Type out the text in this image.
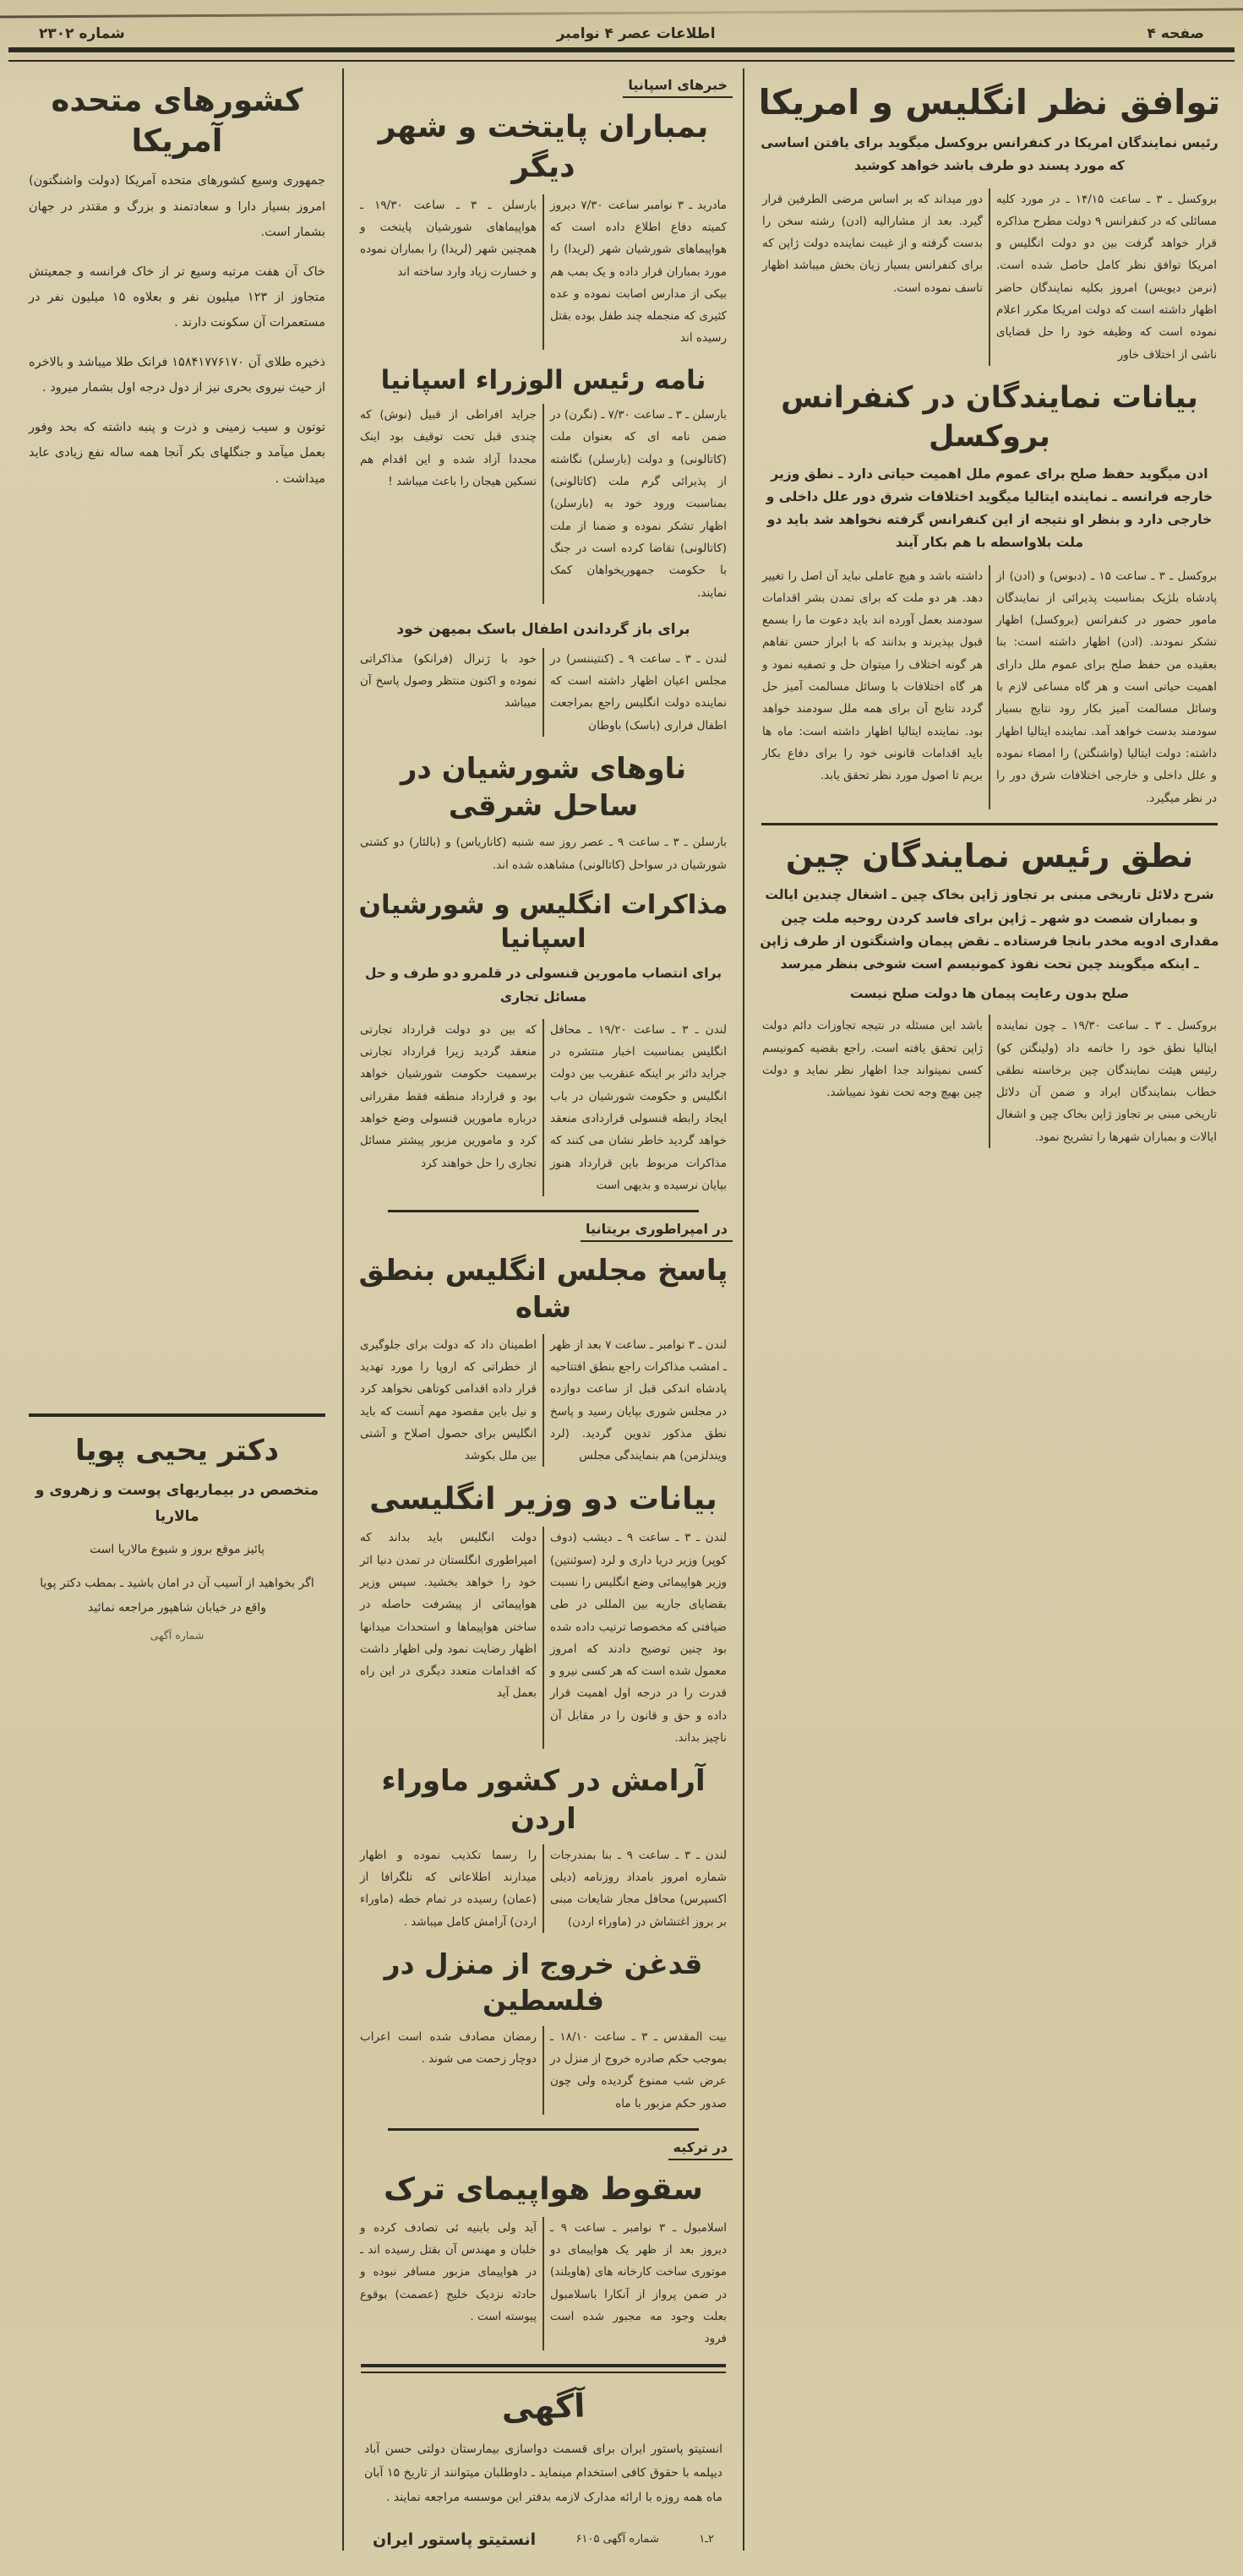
صفحه ۴
اطلاعات عصر ۴ نوامبر
شماره ۲۳۰۲
توافق نظر انگلیس و امریکا

رئیس نمایندگان امریکا در کنفرانس بروکسل میگوید برای یافتن اساسی که مورد پسند دو طرف باشد خواهد کوشید

بروکسل ـ ۳ ـ ساعت ۱۴/۱۵ ـ در مورد کلیه مسائلی که در کنفرانس ۹ دولت مطرح مذاکره قرار خواهد گرفت بین دو دولت انگلیس و امریکا توافق نظر کامل حاصل شده است. (نرمن دیویس) امروز بکلیه نمایندگان حاضر اظهار داشته است که دولت امریکا مکرر اعلام نموده است که وظیفه خود را حل قضایای ناشی از اختلاف خاور

دور میداند که بر اساس مرضی الطرفین قرار گیرد. بعد از مشارالیه (ادن) رشته سخن را بدست گرفته و از غیبت نماینده دولت ژاپن که برای کنفرانس بسیار زیان بخش میباشد اظهار تاسف نموده است.

بیانات نمایندگان در کنفرانس بروکسل

ادن میگوید حفظ صلح برای عموم ملل اهمیت حیاتی دارد ـ نطق وزیر خارجه فرانسه ـ نماینده ایتالیا میگوید اختلافات شرق دور علل داخلی و خارجی دارد و بنظر او نتیجه از این کنفرانس گرفته نخواهد شد باید دو ملت بلاواسطه با هم بکار آیند

بروکسل ـ ۳ ـ ساعت ۱۵ ـ (دبوس) و (ادن) از پادشاه بلژیک بمناسبت پذیرائی از نمایندگان مامور حضور در کنفرانس (بروکسل) اظهار تشکر نمودند. (ادن) اظهار داشته است: بنا بعقیده من حفظ صلح برای عموم ملل دارای اهمیت حیاتی است و هر گاه مساعی لازم با وسائل مسالمت آمیز بکار رود نتایج بسیار سودمند بدست خواهد آمد. نماینده ایتالیا اظهار داشته: دولت ایتالیا (واشنگتن) را امضاء نموده و علل داخلی و خارجی اختلافات شرق دور را در نظر میگیرد.

داشته باشد و هیچ عاملی نباید آن اصل را تغییر دهد. هر دو ملت که برای تمدن بشر اقدامات سودمند بعمل آورده اند باید دعوت ما را بسمع قبول بپذیرند و بدانند که با ابراز حسن تفاهم هر گونه اختلاف را میتوان حل و تصفیه نمود و هر گاه اختلافات با وسائل مسالمت آمیز حل گردد نتایج آن برای همه ملل سودمند خواهد بود. نماینده ایتالیا اظهار داشته است: ماه ها باید اقدامات قانونی خود را برای دفاع بکار بریم تا اصول مورد نظر تحقق یابد.

نطق رئیس نمایندگان چین

شرح دلائل تاریخی مبنی بر تجاوز ژاپن بخاک چین ـ اشغال چندین ایالت و بمباران شصت دو شهر ـ ژاپن برای فاسد کردن روحیه ملت چین مقداری ادویه مخدر بانجا فرستاده ـ نقض پیمان واشنگتون از طرف ژاپن ـ اینکه میگویند چین تحت نفوذ کمونیسم است شوخی بنظر میرسد

صلح بدون رعایت پیمان ها دولت صلح نیست

بروکسل ـ ۳ ـ ساعت ۱۹/۳۰ ـ چون نماینده ایتالیا نطق خود را خاتمه داد (ولینگتن کو) رئیس هیئت نمایندگان چین برخاسته نطقی خطاب بنمایندگان ایراد و ضمن آن دلائل تاریخی مبنی بر تجاوز ژاپن بخاک چین و اشغال ایالات و بمباران شهرها را تشریح نمود.

باشد این مسئله در نتیجه تجاوزات دائم دولت ژاپن تحقق یافته است. راجع بقضیه کمونیسم کسی نمیتواند جدا اظهار نظر نماید و دولت چین بهیچ وجه تحت نفوذ نمیباشد.

خبرهای اسپانیا
بمباران پایتخت و شهر دیگر

مادرید ـ ۳ نوامبر ساعت ۷/۳۰ دیروز کمیته دفاع اطلاع داده است که هواپیماهای شورشیان شهر (لریدا) را مورد بمباران قرار داده و یک بمب هم بیکی از مدارس اصابت نموده و عده کثیری که منجمله چند طفل بوده بقتل رسیده اند

بارسلن ـ ۳ ـ ساعت ۱۹/۳۰ ـ هواپیماهای شورشیان پایتخت و همچنین شهر (لریدا) را بمباران نموده و خسارت زیاد وارد ساخته اند

نامه رئیس الوزراء اسپانیا

بارسلن ـ ۳ ـ ساعت ۷/۳۰ ـ (نگرن) در ضمن نامه ای که بعنوان ملت (کاتالونی) و دولت (بارسلن) نگاشته از پذیرائی گرم ملت (کاتالونی) بمناسبت ورود خود به (بارسلن) اظهار تشکر نموده و ضمنا از ملت (کاتالونی) تقاضا کرده است در جنگ با حکومت جمهوریخواهان کمک نمایند.

جراید افراطی از قبیل (نوش) که چندی قبل تحت توقیف بود اینک مجددا آزاد شده و این اقدام هم تسکین هیجان را باعث میباشد !

برای باز گرداندن اطفال باسک بمیهن خود

لندن ـ ۳ ـ ساعت ۹ ـ (کنتیننسر) در مجلس اعیان اظهار داشته است که نماینده دولت انگلیس راجع بمراجعت اطفال فراری (باسک) باوطان

خود با ژنرال (فرانکو) مذاکراتی نموده و اکنون منتظر وصول پاسخ آن میباشد

ناوهای شورشیان در ساحل شرقی

بارسلن ـ ۳ ـ ساعت ۹ ـ عصر روز سه شنبه (کاناریاس) و (بالئار) دو کشتی شورشیان در سواحل (کاتالونی) مشاهده شده اند.

مذاکرات انگلیس و شورشیان اسپانیا

برای انتصاب مامورین قنسولی در قلمرو دو طرف و حل مسائل تجاری

لندن ـ ۳ ـ ساعت ۱۹/۲۰ ـ محافل انگلیس بمناسبت اخبار منتشره در جراید دائر بر اینکه عنقریب بین دولت انگلیس و حکومت شورشیان در باب ایجاد رابطه قنسولی قراردادی منعقد خواهد گردید خاطر نشان می کنند که مذاکرات مربوط باین قرارداد هنوز بپایان نرسیده و بدیهی است

که بین دو دولت قرارداد تجارتی منعقد گردید زیرا قرارداد تجارتی برسمیت حکومت شورشیان خواهد بود و قرارداد منطقه فقط مقرراتی درباره مامورین قنسولی وضع خواهد کرد و مامورین مزبور پیشتر مسائل تجاری را حل خواهند کرد

در امپراطوری بریتانیا
پاسخ مجلس انگلیس بنطق شاه

لندن ـ ۳ نوامبر ـ ساعت ۷ بعد از ظهر ـ امشب مذاکرات راجع بنطق افتتاحیه پادشاه اندکی قبل از ساعت دوازده در مجلس شوری بپایان رسید و پاسخ نطق مذکور تدوین گردید. (لرد ویندلزمن) هم بنمایندگی مجلس

اطمینان داد که دولت برای جلوگیری از خطراتی که اروپا را مورد تهدید قرار داده اقدامی کوتاهی نخواهد کرد و نیل باین مقصود مهم آنست که باید انگلیس برای حصول اصلاح و آشتی بین ملل بکوشد

بیانات دو وزیر انگلیسی

لندن ـ ۳ ـ ساعت ۹ ـ دیشب (دوف کوپر) وزیر دریا داری و لرد (سوئنتین) وزیر هواپیمائی وضع انگلیس را نسبت بقضایای جاریه بین المللی در طی ضیافتی که مخصوصا ترتیب داده شده بود چنین توضیح دادند که امروز معمول شده است که هر کسی نیرو و قدرت را در درجه اول اهمیت قرار داده و حق و قانون را در مقابل آن ناچیز بداند.

دولت انگلیس باید بداند که امپراطوری انگلستان در تمدن دنیا اثر خود را خواهد بخشید. سپس وزیر هواپیمائی از پیشرفت حاصله در ساختن هواپیماها و استحداث میدانها اظهار رضایت نمود ولی اظهار داشت که اقدامات متعدد دیگری در این راه بعمل آید

آرامش در کشور ماوراء اردن

لندن ـ ۳ ـ ساعت ۹ ـ بنا بمندرجات شماره امروز بامداد روزنامه (دیلی اکسپرس) محافل مجاز شایعات مبنی بر بروز اغتشاش در (ماوراء اردن)

را رسما تکذیب نموده و اظهار میدارند اطلاعاتی که تلگرافا از (عمان) رسیده در تمام خطه (ماوراء اردن) آرامش کامل میباشد .

قدغن خروج از منزل در فلسطین

بیت المقدس ـ ۳ ـ ساعت ۱۸/۱۰ ـ بموجب حکم صادره خروج از منزل در عرض شب ممنوع گردیده ولی چون صدور حکم مزبور با ماه

رمضان مصادف شده است اعراب دوچار زحمت می شوند .

در ترکیه
سقوط هواپیمای ترک

اسلامبول ـ ۳ نوامبر ـ ساعت ۹ ـ دیروز بعد از ظهر یک هواپیمای دو موتوری ساخت کارخانه های (هاویلند) در ضمن پرواز از آنکارا باسلامبول بعلت وجود مه مجبور شده است فرود

آید ولی بابنیه ئی تصادف کرده و خلبان و مهندس آن بقتل رسیده اند ـ در هواپیمای مزبور مسافر نبوده و حادثه نزدیک خلیج (عصمت) بوقوع پیوسته است .

آگهی

انستیتو پاستور ایران برای قسمت دواسازی بیمارستان دولتی حسن آباد دیپلمه با حقوق کافی استخدام مینماید ـ داوطلبان میتوانند از تاریخ ۱۵ آبان ماه همه روزه با ارائه مدارک لازمه بدفتر این موسسه مراجعه نمایند .

۲ـ۱
شماره آگهی ۶۱۰۵
انستیتو پاستور ایران
کشورهای متحده آمریکا

جمهوری وسیع کشورهای متحده آمریکا (دولت واشنگتون) امروز بسیار دارا و سعادتمند و بزرگ و مقتدر در جهان بشمار است.

خاک آن هفت مرتبه وسیع تر از خاک فرانسه و جمعیتش متجاوز از ۱۲۳ میلیون نفر و بعلاوه ۱۵ میلیون نفر در مستعمرات آن سکونت دارند .

ذخیره طلای آن ۱۵۸۴۱۷۷۶۱۷۰ فرانک طلا میباشد و بالاخره از حیث نیروی بحری نیز از دول درجه اول بشمار میرود .

توتون و سیب زمینی و ذرت و پنبه داشته که بحد وفور بعمل میآمد و جنگلهای بکر آنجا همه ساله نفع زیادی عاید میداشت .

دکتر یحیی پویا

متخصص در بیماریهای پوست و زهروی و مالاریا

پائیز موقع بروز و شیوع مالاریا است

اگر بخواهید از آسیب آن در امان باشید ـ بمطب دکتر پویا واقع در خیابان شاهپور مراجعه نمائید

شماره آگهی
